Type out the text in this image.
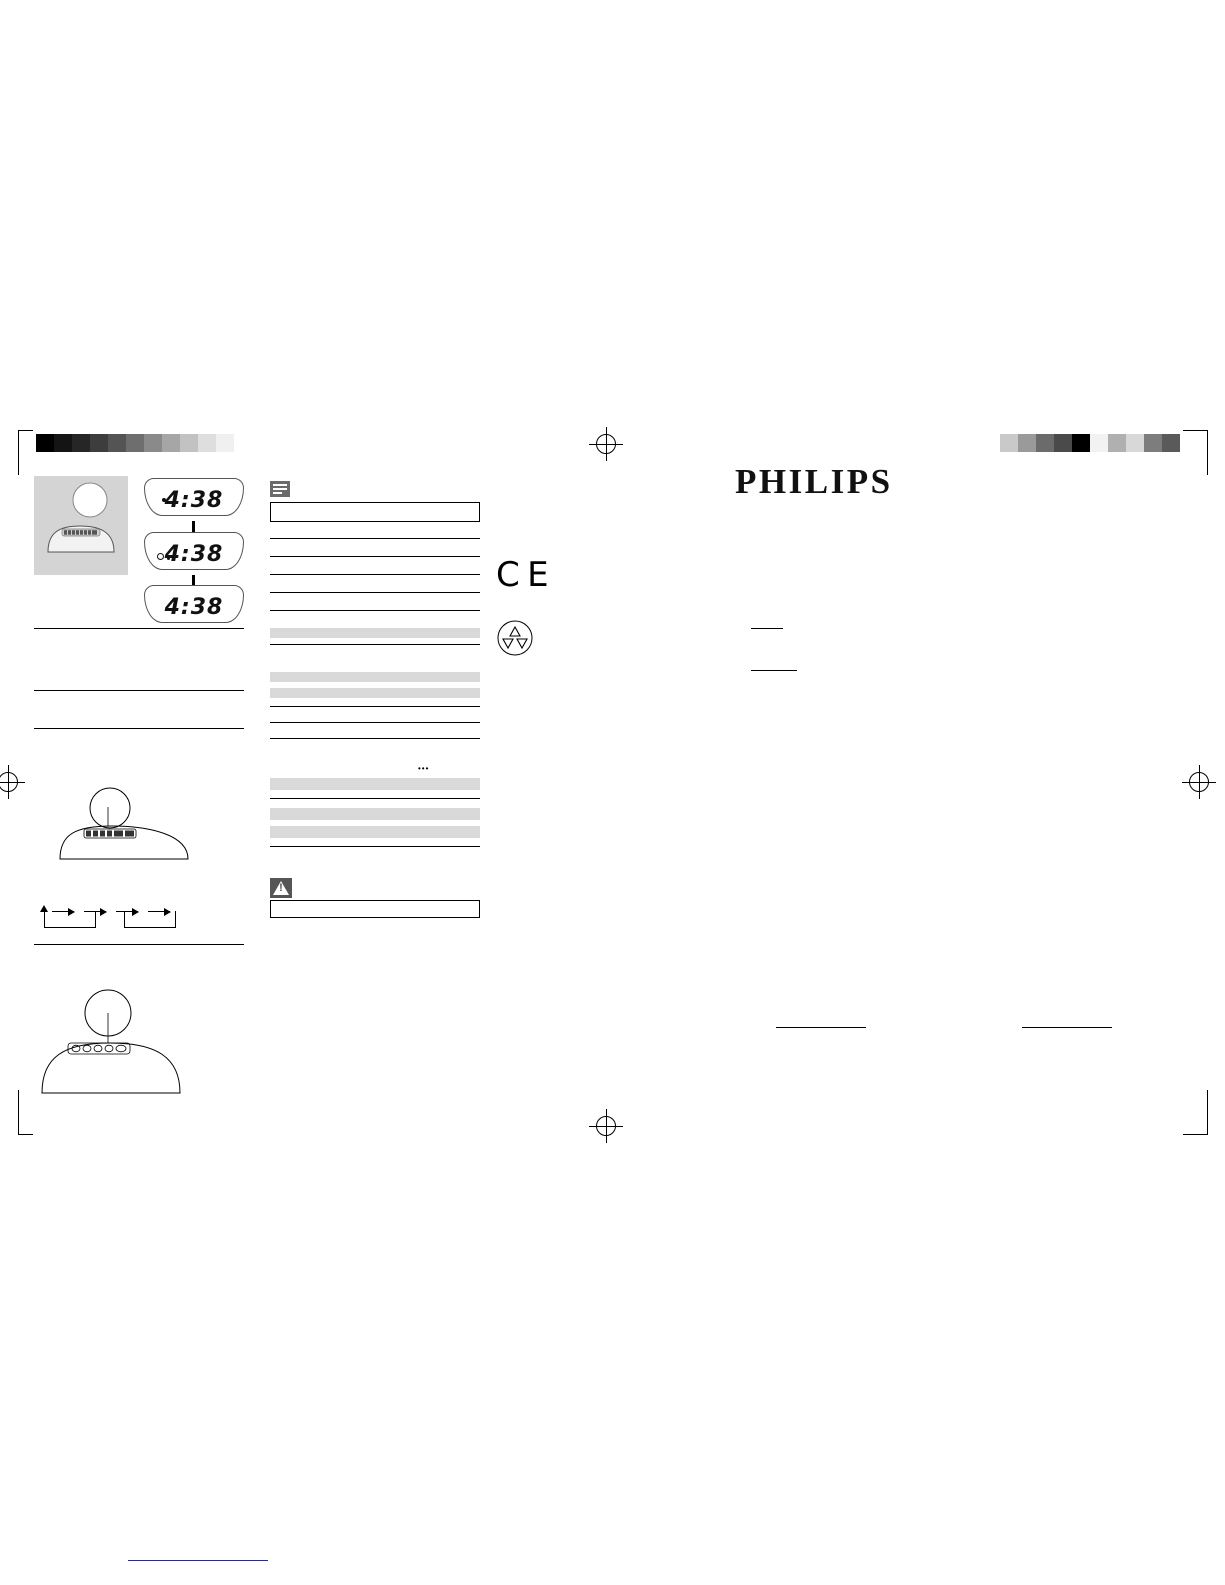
4:38
4:38
4:38
•••
!
C E
PHILIPS
